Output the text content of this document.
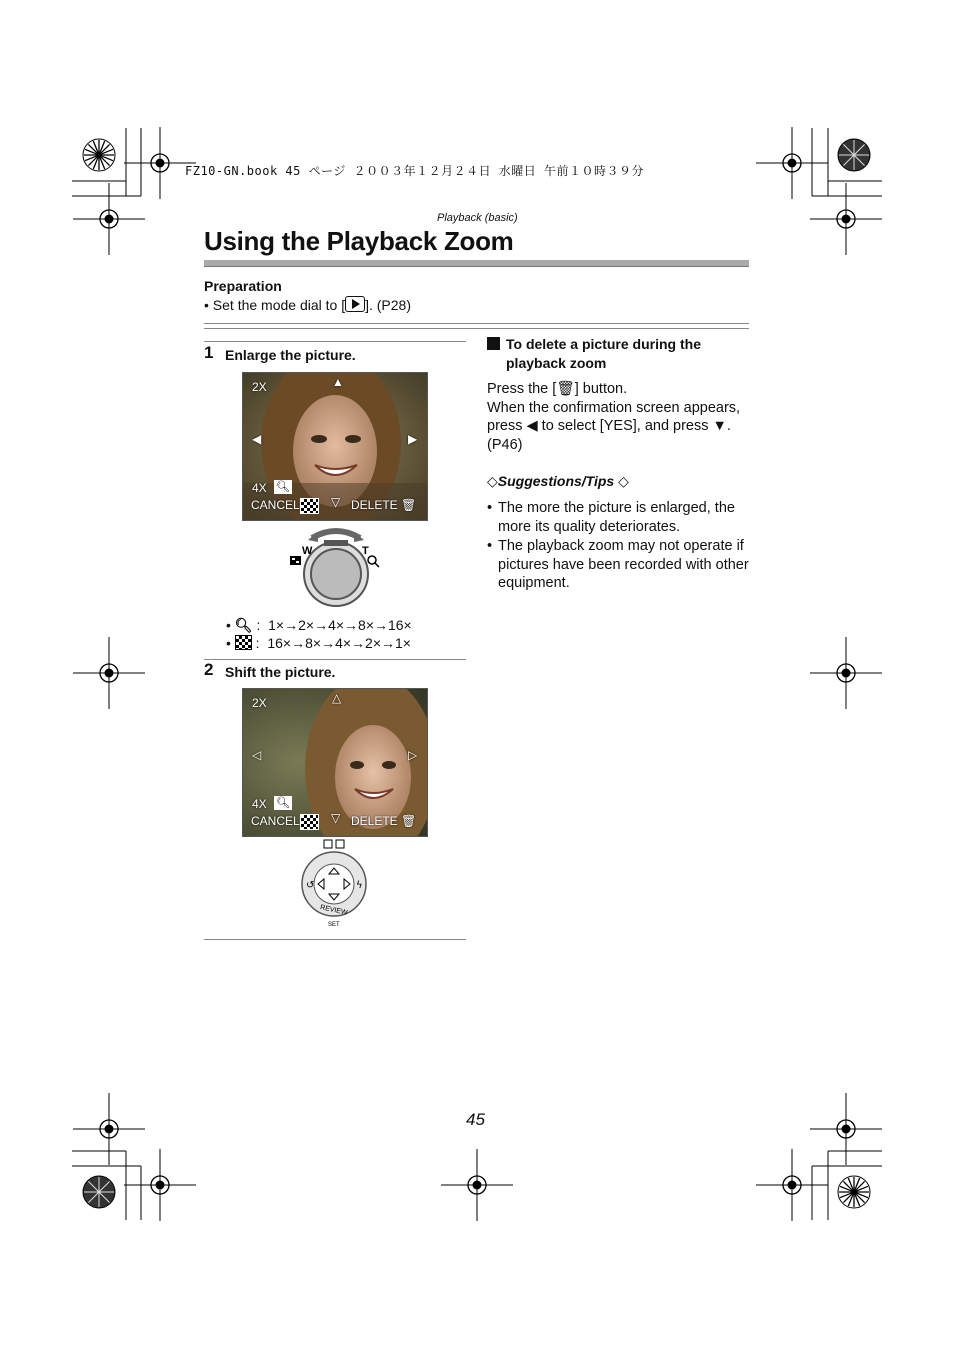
FZ10-GN.book 45 ページ ２００３年１２月２４日 水曜日 午前１０時３９分
Playback (basic)
Using the Playback Zoom
Preparation
• Set the mode dial to [ ]. (P28)
1 Enlarge the picture.
2X	▲
◀	▶
4X 🔍︎
CANCEL	▽ DELETE 🗑︎
W	T
• 🔍︎ :  1×→2×→4×→8×→16×
•  :  16×→8×→4×→2×→1×
2 Shift the picture.
2X	△
◁	▷
4X 🔍︎
CANCEL	▽ DELETE 🗑︎
↺	ϟ
REVIEW
SET
To delete a picture during the playback zoom
Press the [🗑︎] button.
When the confirmation screen appears, press ◀ to select [YES], and press ▼. (P46)
◇Suggestions/Tips ◇
• The more the picture is enlarged, the more its quality deteriorates.
• The playback zoom may not operate if pictures have been recorded with other equipment.
45
